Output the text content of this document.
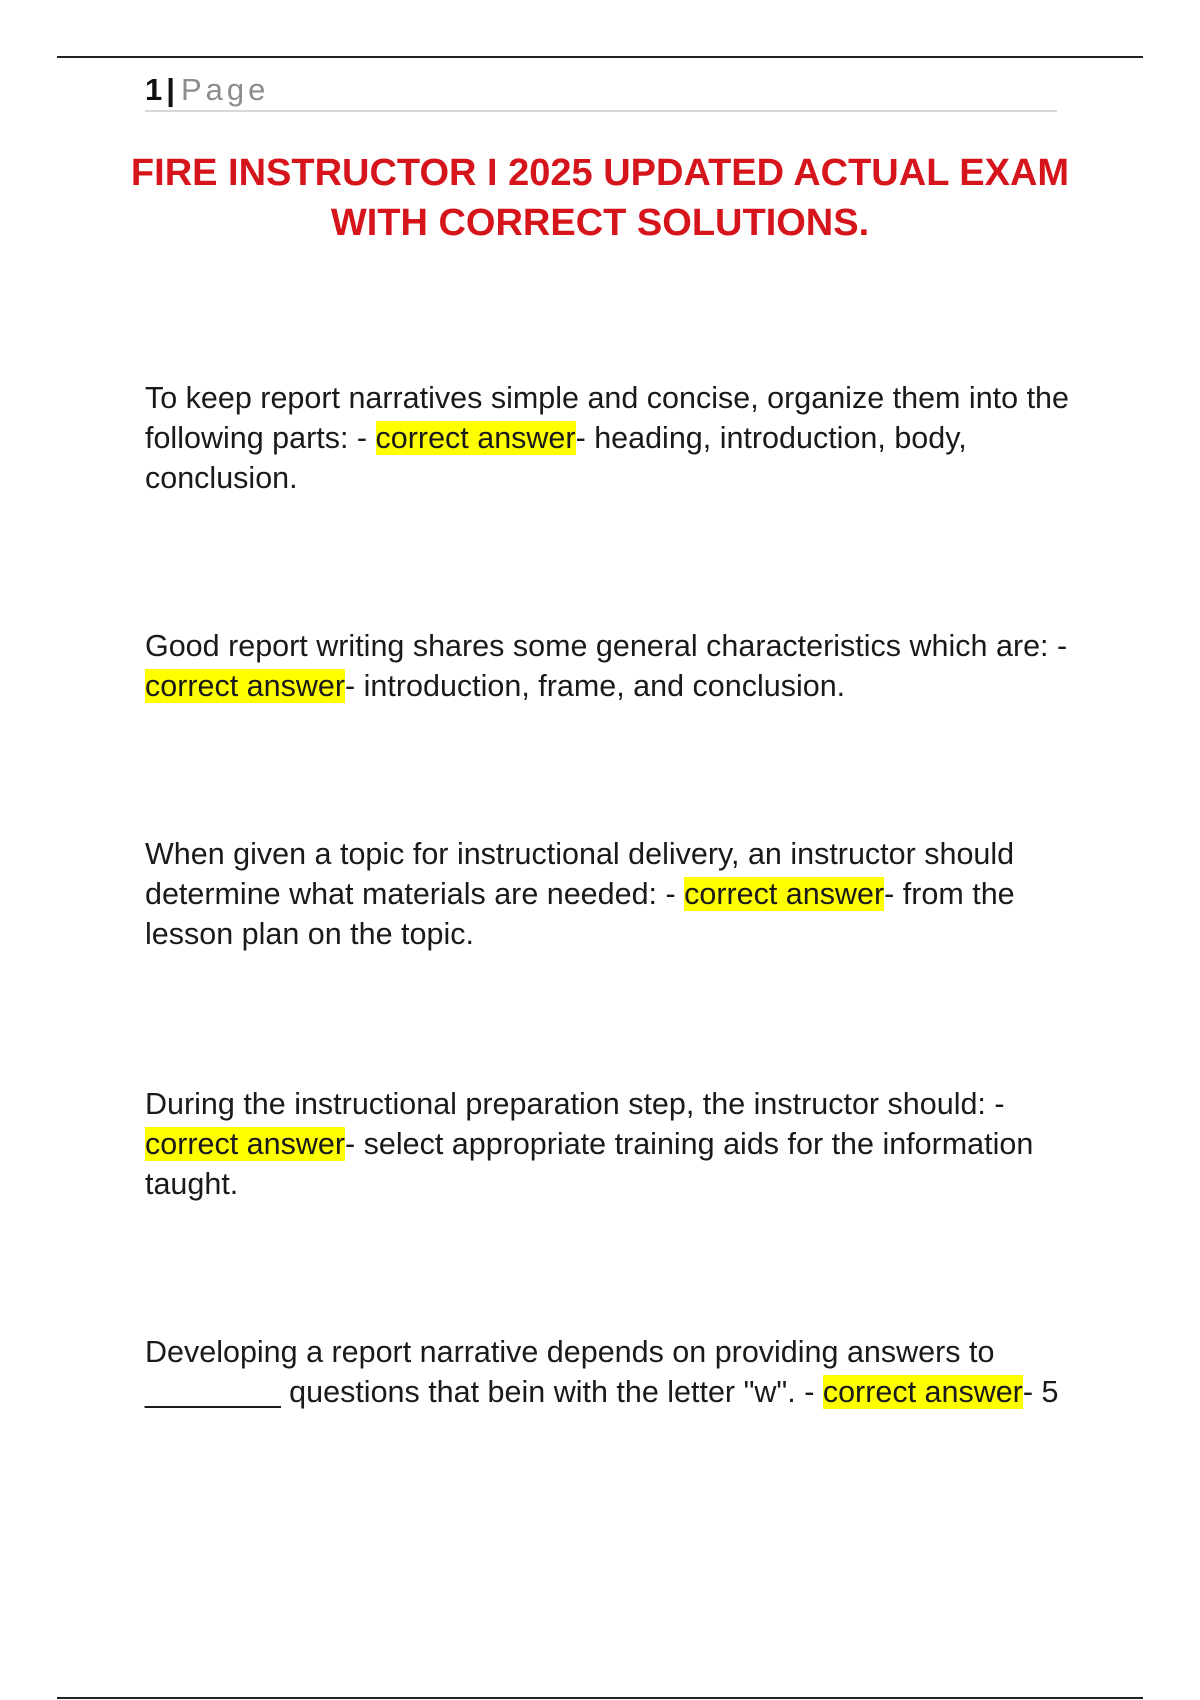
1 | Page
FIRE INSTRUCTOR I 2025 UPDATED ACTUAL EXAM WITH CORRECT SOLUTIONS.

To keep report narratives simple and concise, organize them into the following parts: - correct answer- heading, introduction, body, conclusion.

Good report writing shares some general characteristics which are: - correct answer- introduction, frame, and conclusion.

When given a topic for instructional delivery, an instructor should determine what materials are needed: - correct answer- from the lesson plan on the topic.

During the instructional preparation step, the instructor should: - correct answer- select appropriate training aids for the information taught.

Developing a report narrative depends on providing answers to ________ questions that bein with the letter "w". - correct answer- 5
